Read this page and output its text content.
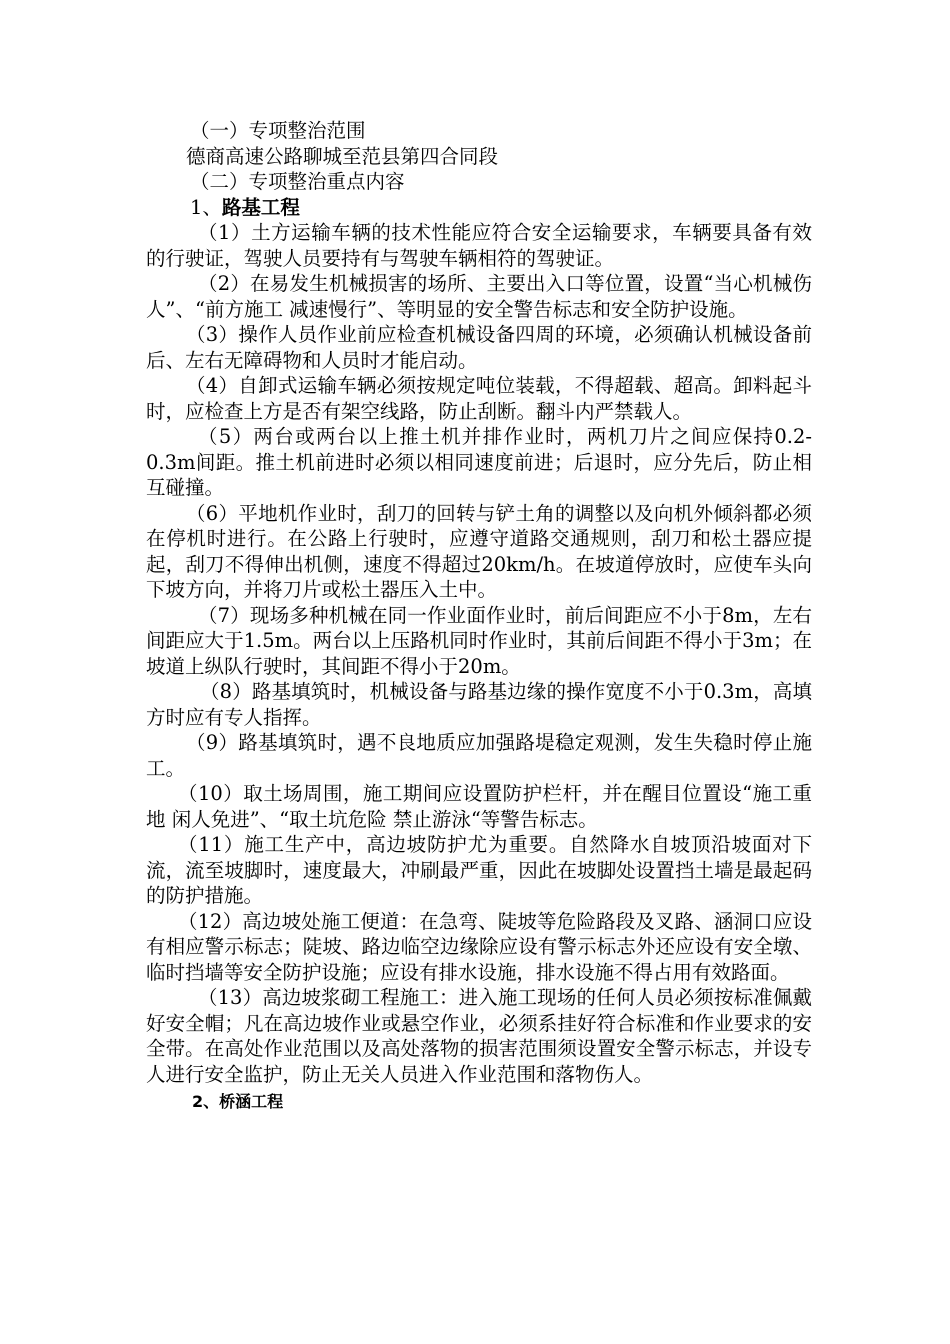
（一）专项整治范围
德商高速公路聊城至范县第四合同段
（二）专项整治重点内容
1、路基工程

（1）土方运输车辆的技术性能应符合安全运输要求，车辆要具备有效的行驶证，驾驶人员要持有与驾驶车辆相符的驾驶证。

（2）在易发生机械损害的场所、主要出入口等位置，设置“当心机械伤人”、“前方施工 减速慢行”、等明显的安全警告标志和安全防护设施。

（3）操作人员作业前应检查机械设备四周的环境，必须确认机械设备前后、左右无障碍物和人员时才能启动。

（4）自卸式运输车辆必须按规定吨位装载，不得超载、超高。卸料起斗时，应检查上方是否有架空线路，防止刮断。翻斗内严禁载人。

（5）两台或两台以上推土机并排作业时，两机刀片之间应保持0.2-0.3m间距。推土机前进时必须以相同速度前进；后退时，应分先后，防止相互碰撞。

（6）平地机作业时，刮刀的回转与铲土角的调整以及向机外倾斜都必须在停机时进行。在公路上行驶时，应遵守道路交通规则，刮刀和松土器应提起，刮刀不得伸出机侧，速度不得超过20km/h。在坡道停放时，应使车头向下坡方向，并将刀片或松土器压入土中。

（7）现场多种机械在同一作业面作业时，前后间距应不小于8m，左右间距应大于1.5m。两台以上压路机同时作业时，其前后间距不得小于3m；在坡道上纵队行驶时，其间距不得小于20m。

（8）路基填筑时，机械设备与路基边缘的操作宽度不小于0.3m，高填方时应有专人指挥。

（9）路基填筑时，遇不良地质应加强路堤稳定观测，发生失稳时停止施工。

（10）取土场周围，施工期间应设置防护栏杆，并在醒目位置设“施工重地 闲人免进”、“取土坑危险 禁止游泳“等警告标志。

（11）施工生产中，高边坡防护尤为重要。自然降水自坡顶沿坡面对下流，流至坡脚时，速度最大，冲刷最严重，因此在坡脚处设置挡土墙是最起码的防护措施。

（12）高边坡处施工便道：在急弯、陡坡等危险路段及叉路、涵洞口应设有相应警示标志；陡坡、路边临空边缘除应设有警示标志外还应设有安全墩、临时挡墙等安全防护设施；应设有排水设施，排水设施不得占用有效路面。

（13）高边坡浆砌工程施工：进入施工现场的任何人员必须按标准佩戴好安全帽；凡在高边坡作业或悬空作业，必须系挂好符合标准和作业要求的安全带。在高处作业范围以及高处落物的损害范围须设置安全警示标志，并设专人进行安全监护，防止无关人员进入作业范围和落物伤人。

2、桥涵工程
